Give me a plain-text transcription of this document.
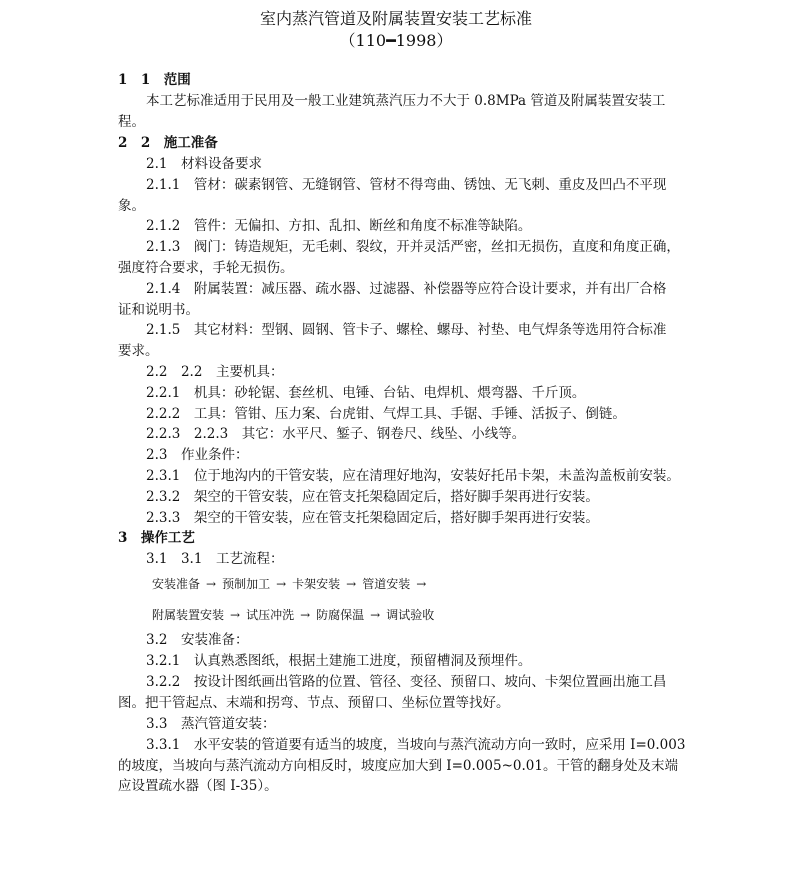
室内蒸汽管道及附属装置安装工艺标准
（110━1998）
1　1　范围
本工艺标准适用于民用及一般工业建筑蒸汽压力不大于 0.8MPa 管道及附属装置安装工
程。
2　2　施工准备
2.1　材料设备要求
2.1.1　管材：碳素钢管、无缝钢管、管材不得弯曲、锈蚀、无飞刺、重皮及凹凸不平现
象。
2.1.2　管件：无偏扣、方扣、乱扣、断丝和角度不标准等缺陷。
2.1.3　阀门：铸造规矩，无毛刺、裂纹，开并灵活严密，丝扣无损伤，直度和角度正确，
强度符合要求，手轮无损伤。
2.1.4　附属装置：减压器、疏水器、过滤器、补偿器等应符合设计要求，并有出厂合格
证和说明书。
2.1.5　其它材料：型钢、圆钢、管卡子、螺栓、螺母、衬垫、电气焊条等选用符合标准
要求。
2.2　2.2　主要机具：
2.2.1　机具：砂轮锯、套丝机、电锤、台钻、电焊机、煨弯器、千斤顶。
2.2.2　工具：管钳、压力案、台虎钳、气焊工具、手锯、手锤、活扳子、倒链。
2.2.3　2.2.3　其它：水平尺、錾子、钢卷尺、线坠、小线等。
2.3　作业条件：
2.3.1　位于地沟内的干管安装，应在清理好地沟，安装好托吊卡架，未盖沟盖板前安装。
2.3.2　架空的干管安装，应在管支托架稳固定后，搭好脚手架再进行安装。
2.3.3　架空的干管安装，应在管支托架稳固定后，搭好脚手架再进行安装。
3　操作工艺
3.1　3.1　工艺流程：
安装准备 → 预制加工 → 卡架安装 → 管道安装 →
附属装置安装 → 试压冲洗 → 防腐保温 → 调试验收
3.2　安装准备：
3.2.1　认真熟悉图纸，根据土建施工进度，预留槽洞及预埋件。
3.2.2　按设计图纸画出管路的位置、管径、变径、预留口、坡向、卡架位置画出施工昌
图。把干管起点、末端和拐弯、节点、预留口、坐标位置等找好。
3.3　蒸汽管道安装：
3.3.1　水平安装的管道要有适当的坡度，当坡向与蒸汽流动方向一致时，应采用 I=0.003
的坡度，当坡向与蒸汽流动方向相反时，坡度应加大到 I=0.005~0.01。干管的翻身处及末端
应设置疏水器（图 I-35）。
